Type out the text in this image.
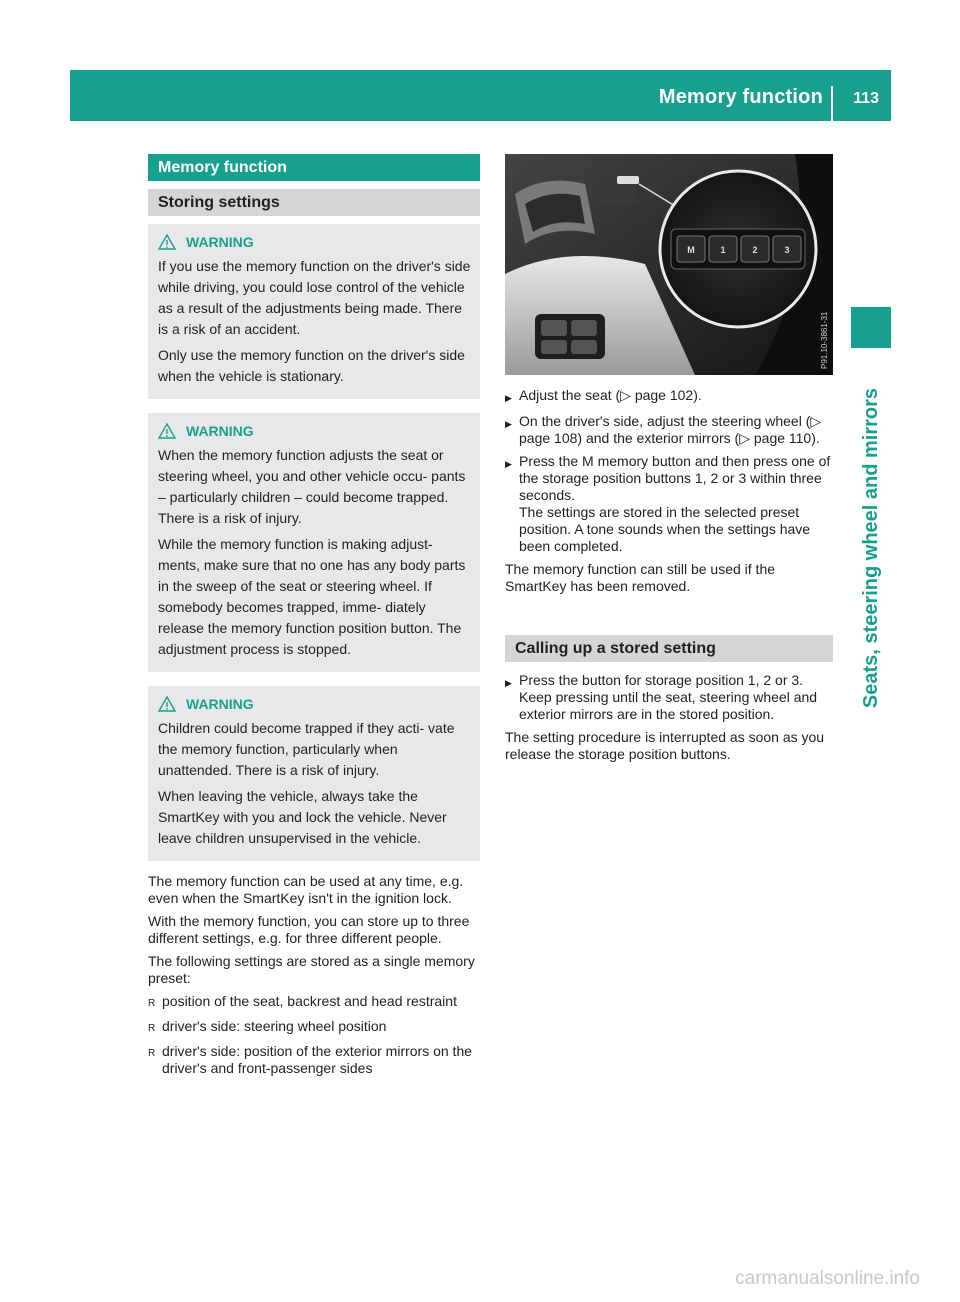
Memory function 113
Seats, steering wheel and mirrors
Memory function
Storing settings
WARNING

If you use the memory function on the driver's side while driving, you could lose control of the vehicle as a result of the adjustments being made. There is a risk of an accident.

Only use the memory function on the driver's side when the vehicle is stationary.

WARNING

When the memory function adjusts the seat or steering wheel, you and other vehicle occu- pants – particularly children – could become trapped. There is a risk of injury.

While the memory function is making adjust- ments, make sure that no one has any body parts in the sweep of the seat or steering wheel. If somebody becomes trapped, imme- diately release the memory function position button. The adjustment process is stopped.

WARNING

Children could become trapped if they acti- vate the memory function, particularly when unattended. There is a risk of injury.

When leaving the vehicle, always take the SmartKey with you and lock the vehicle. Never leave children unsupervised in the vehicle.

The memory function can be used at any time, e.g. even when the SmartKey isn't in the ignition lock.

With the memory function, you can store up to three different settings, e.g. for three different people.

The following settings are stored as a single memory preset:

R position of the seat, backrest and head restraint
R driver's side: steering wheel position
R driver's side: position of the exterior mirrors on the driver's and front-passenger sides
M	1	2	3
P91.10-3861-31
▶ Adjust the seat (▷ page 102).
▶ On the driver's side, adjust the steering wheel (▷ page 108) and the exterior mirrors (▷ page 110).
▶ Press the M memory button and then press one of the storage position buttons 1, 2 or 3 within three seconds.
The settings are stored in the selected preset position. A tone sounds when the settings have been completed.

The memory function can still be used if the SmartKey has been removed.

Calling up a stored setting
▶ Press the button for storage position 1, 2 or 3. Keep pressing until the seat, steering wheel and exterior mirrors are in the stored position.

The setting procedure is interrupted as soon as you release the storage position buttons.

carmanualsonline.info
